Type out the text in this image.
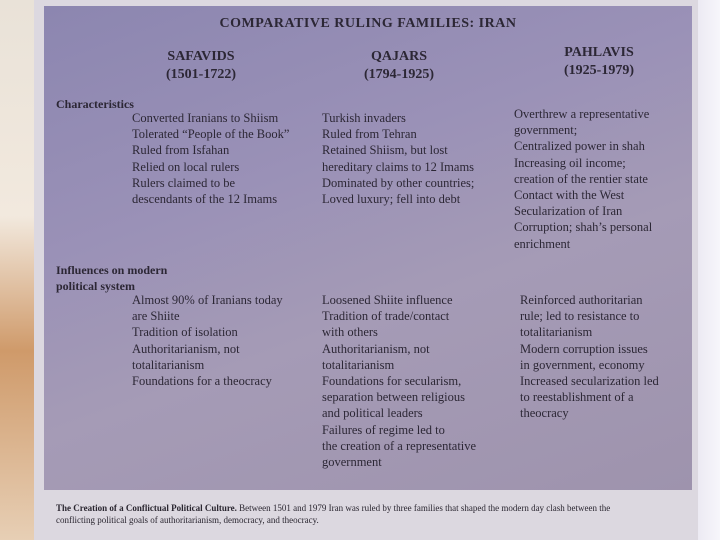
COMPARATIVE RULING FAMILIES: IRAN
SAFAVIDS
(1501-1722)
QAJARS
(1794-1925)
PAHLAVIS
(1925-1979)
Characteristics
Converted Iranians to Shiism
Tolerated “People of the Book”
Ruled from Isfahan
Relied on local rulers
Rulers claimed to be
descendants of the 12 Imams
Turkish invaders
Ruled from Tehran
Retained Shiism, but lost
hereditary claims to 12 Imams
Dominated by other countries;
Loved luxury; fell into debt
Overthrew a representative
government;
Centralized power in shah
Increasing oil income;
creation of the rentier state
Contact with the West
Secularization of Iran
Corruption; shah’s personal
enrichment
Influences on modern
political system
Almost 90% of Iranians today
are Shiite
Tradition of isolation
Authoritarianism, not
totalitarianism
Foundations for a theocracy
Loosened Shiite influence
Tradition of trade/contact
with others
Authoritarianism, not
totalitarianism
Foundations for secularism,
separation between religious
and political leaders
Failures of regime led to
the creation of a representative
government
Reinforced authoritarian
rule; led to resistance to
totalitarianism
Modern corruption issues
in government, economy
Increased secularization led
to reestablishment of a
theocracy
The Creation of a Conflictual Political Culture. Between 1501 and 1979 Iran was ruled by three families that shaped the modern day clash between the
conflicting political goals of authoritarianism, democracy, and theocracy.
